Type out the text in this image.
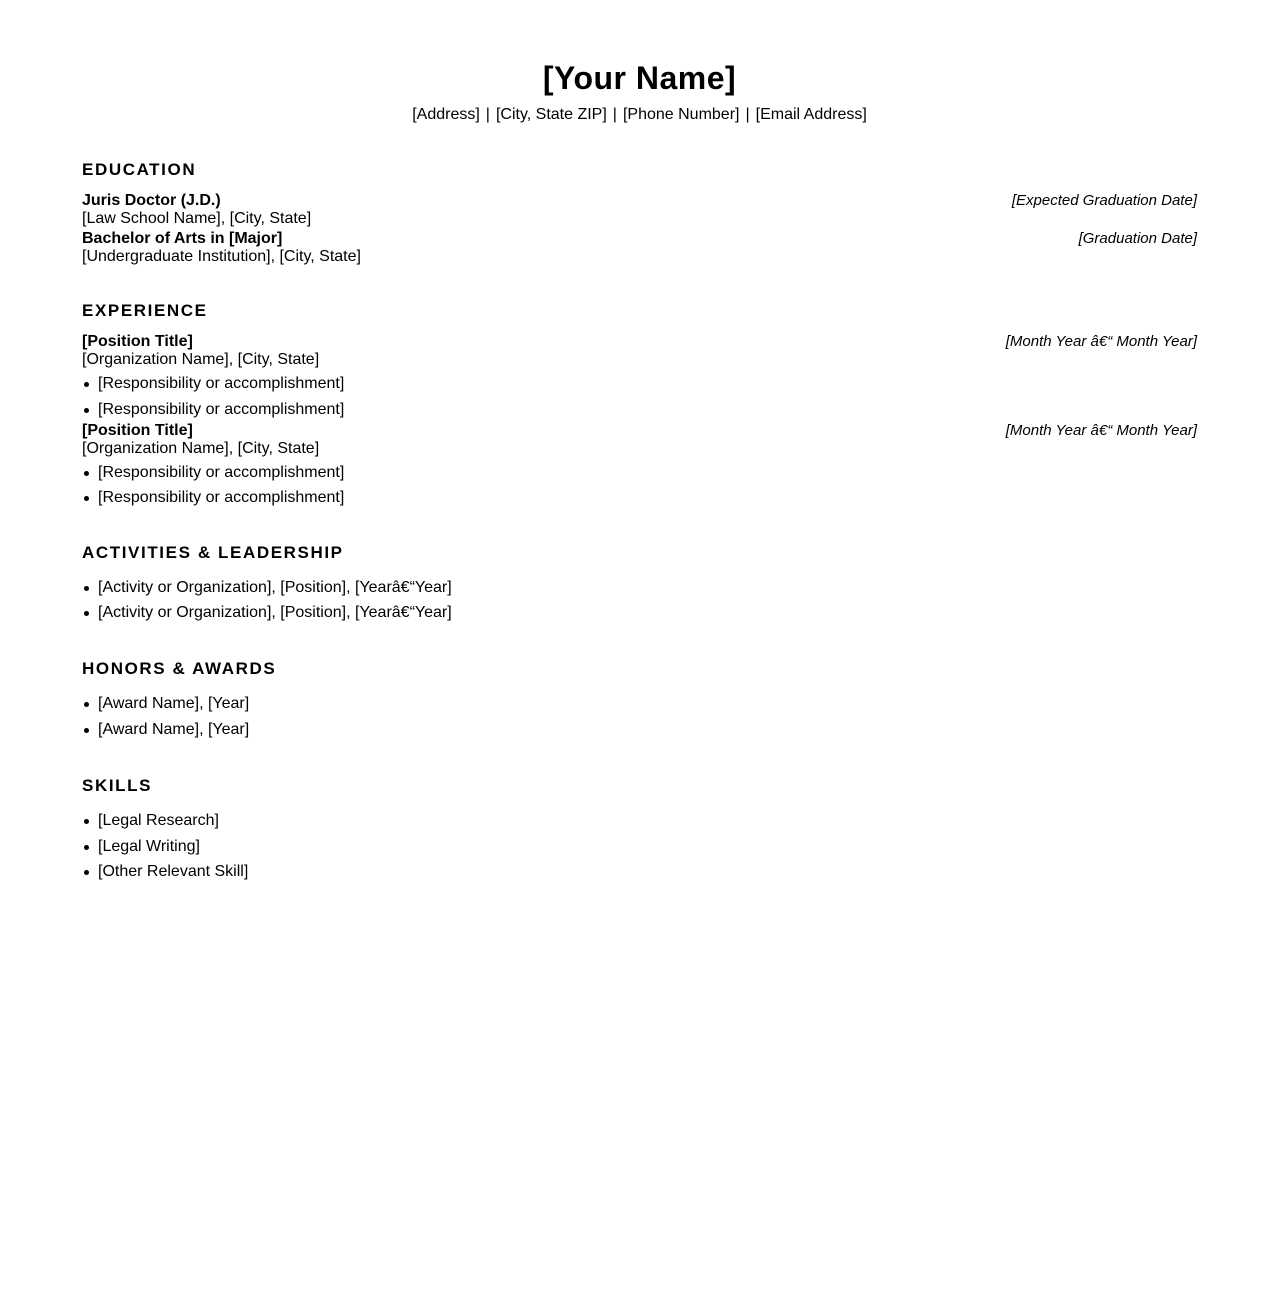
[Your Name]
[Address] | [City, State ZIP] | [Phone Number] | [Email Address]
EDUCATION
Juris Doctor (J.D.)	[Expected Graduation Date]
[Law School Name], [City, State]
Bachelor of Arts in [Major]	[Graduation Date]
[Undergraduate Institution], [City, State]
EXPERIENCE
[Position Title]	[Month Year â€“ Month Year]
[Organization Name], [City, State]
[Responsibility or accomplishment]
[Responsibility or accomplishment]
[Position Title]	[Month Year â€“ Month Year]
[Organization Name], [City, State]
[Responsibility or accomplishment]
[Responsibility or accomplishment]
ACTIVITIES & LEADERSHIP
[Activity or Organization], [Position], [Yearâ€“Year]
[Activity or Organization], [Position], [Yearâ€“Year]
HONORS & AWARDS
[Award Name], [Year]
[Award Name], [Year]
SKILLS
[Legal Research]
[Legal Writing]
[Other Relevant Skill]
